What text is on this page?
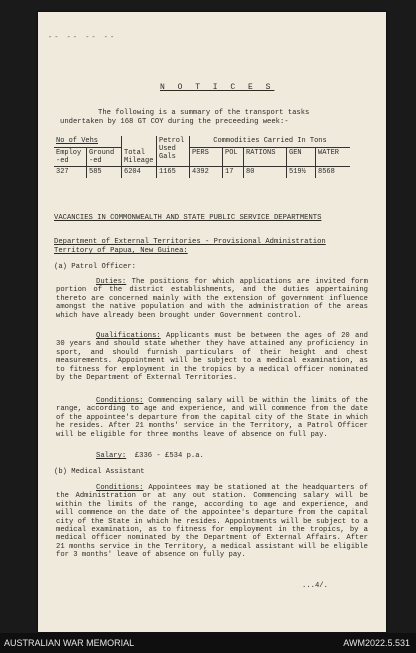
-- -- -- --
N O T I C E S
The following is a summary of the transport tasks
undertaken by 168 GT COY during the preceeding week:-
No of Vehs		Total Mileage	Petrol Used Gals	Commodities Carried In Tons				
Employ -ed	Ground -ed			PERS	POL	RATIONS	GEN	WATER
327	585	6204	1165	4392	17	80	519½	8568
VACANCIES IN COMMONWEALTH AND STATE PUBLIC SERVICE DEPARTMENTS
Department of External Territories - Provisional Administration
Territory of Papua, New Guinea:
(a) Patrol Officer:
Duties: The positions for which applications are invited form portion of the district establishments, and the duties appertaining thereto are concerned mainly with the extension of government influence amongst the native population and with the administration of the areas which have already been brought under Government control.
Qualifications: Applicants must be between the ages of 20 and 30 years and should state whether they have attained any proficiency in sport, and should furnish particulars of their height and chest measurements. Appointment will be subject to a medical examination, as to fitness for employment in the tropics by a medical officer nominated by the Department of External Territories.
Conditions: Commencing salary will be within the limits of the range, according to age and experience, and will commence from the date of the appointee's departure from the capital city of the State in which he resides. After 21 months' service in the Territory, a Patrol Officer will be eligible for three months leave of absence on full pay.
Salary: £336 - £534 p.a.
(b) Medical Assistant
Conditions: Appointees may be stationed at the headquarters of the Administration or at any out station. Commencing salary will be within the limits of the range, according to age and experience, and will commence on the date of the appointee's departure from the capital city of the State in which he resides. Appointments will be subject to a medical examination, as to fitness for employment in the tropics, by a medical officer nominated by the Department of External Affairs. After 21 months service in the Territory, a medical assistant will be eligible for 3 months' leave of absence on fully pay.
...4/.
AUSTRALIAN WAR MEMORIAL	AWM2022.5.531
